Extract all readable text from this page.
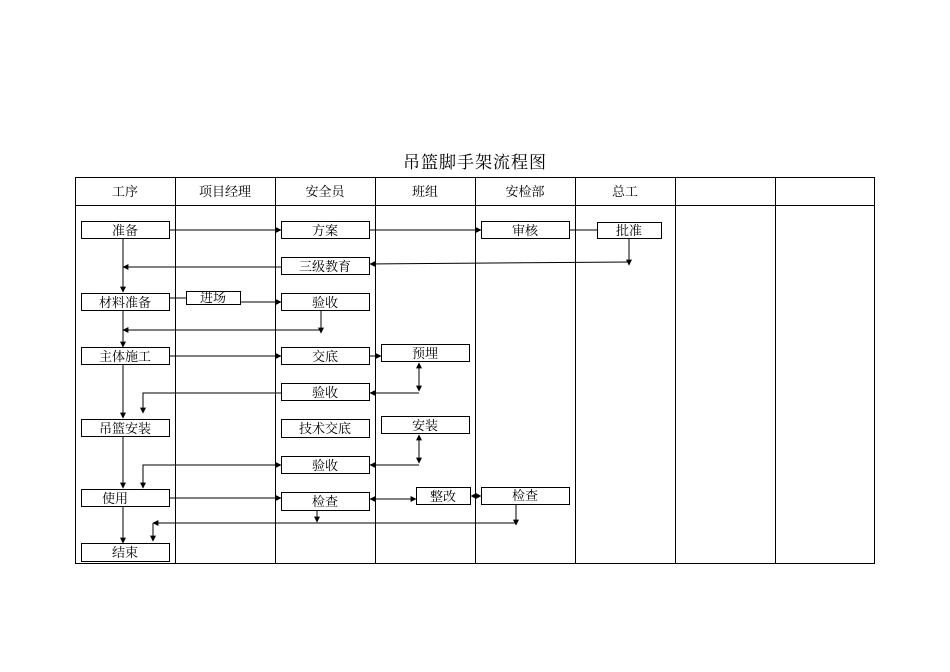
吊篮脚手架流程图
工序	项目经理	安全员	班组	安检部	总工
准备	方案	审核	批准
三级教育
材料准备	进场	验收
主体施工	交底	预埋
验收
吊篮安装	技术交底	安装
验收
使用	检查	整改	检查
结束
